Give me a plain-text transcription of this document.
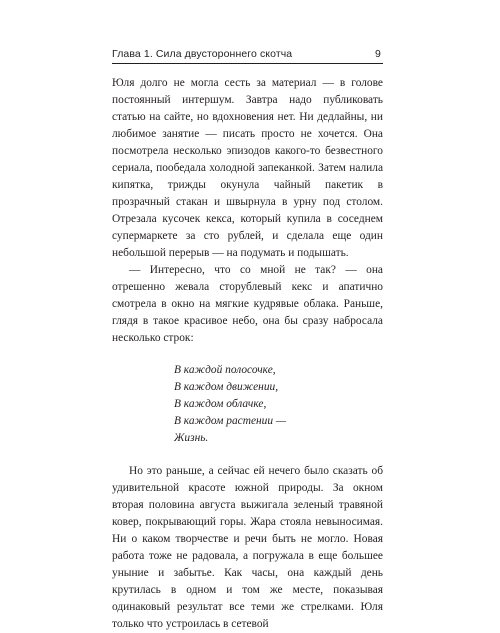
Глава 1. Сила двустороннего скотча	9

Юля долго не могла сесть за материал — в голове постоянный интершум. Завтра надо публиковать статью на сайте, но вдохновения нет. Ни дедлайны, ни любимое занятие — писать просто не хочется. Она посмотрела несколько эпизодов какого-то безвестного сериала, пообедала холодной запеканкой. Затем налила кипятка, трижды окунула чайный пакетик в прозрачный стакан и швырнула в урну под столом. Отрезала кусочек кекса, который купила в соседнем супермаркете за сто рублей, и сделала еще один небольшой перерыв — на подумать и подышать.

— Интересно, что со мной не так? — она отрешенно жевала сторублевый кекс и апатично смотрела в окно на мягкие кудрявые облака. Раньше, глядя в такое красивое небо, она бы сразу набросала несколько строк:

В каждой полосочке,
В каждом движении,
В каждом облачке,
В каждом растении —
Жизнь.

Но это раньше, а сейчас ей нечего было сказать об удивительной красоте южной природы. За окном вторая половина августа выжигала зеленый травяной ковер, покрывающий горы. Жара стояла невыносимая. Ни о каком творчестве и речи быть не могло. Новая работа тоже не радовала, а погружала в еще большее уныние и забытье. Как часы, она каждый день крутилась в одном и том же месте, показывая одинаковый результат все теми же стрелками. Юля только что устроилась в сетевой
